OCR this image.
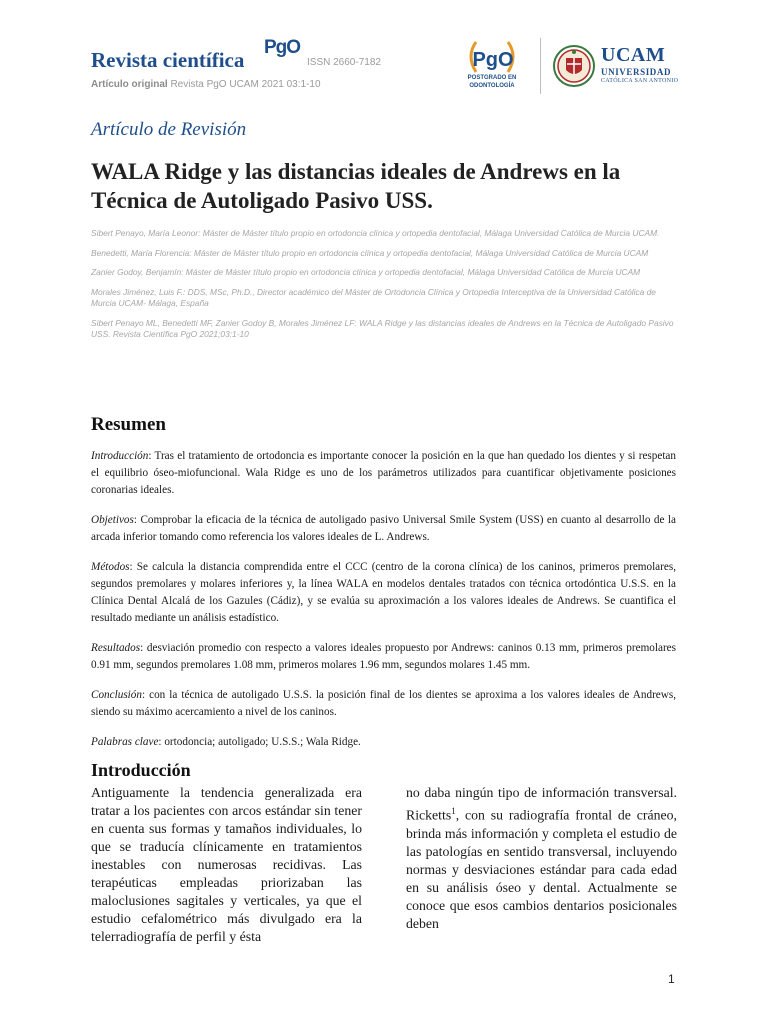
Revista científica
PgO
ISSN 2660-7182
Artículo original Revista PgO UCAM 2021 03:1-10
PgO
POSTGRADO EN
ODONTOLOGÍA
UCAM
UNIVERSIDAD
CATÓLICA SAN ANTONIO
Artículo de Revisión
WALA Ridge y las distancias ideales de Andrews en la Técnica de Autoligado Pasivo USS.

Sibert Penayo, María Leonor: Máster de Máster título propio en ortodoncia clínica y ortopedia dentofacial, Málaga Universidad Católica de Murcia UCAM.

Benedetti, María Florencia: Máster de Máster título propio en ortodoncia clínica y ortopedia dentofacial, Málaga Universidad Católica de Murcia UCAM

Zanier Godoy, Benjamín: Máster de Máster título propio en ortodoncia clínica y ortopedia dentofacial, Málaga Universidad Católica de Murcia UCAM

Morales Jiménez, Luis F.: DDS, MSc, Ph.D., Director académico del Máster de Ortodoncia Clínica y Ortopedia Interceptiva de la Universidad Católica de Murcia UCAM- Málaga, España

Sibert Penayo ML, Benedetti MF, Zanier Godoy B, Morales Jiménez LF: WALA Ridge y las distancias ideales de Andrews en la Técnica de Autoligado Pasivo USS. Revista Científica PgO 2021;03:1-10

Resumen

Introducción: Tras el tratamiento de ortodoncia es importante conocer la posición en la que han quedado los dientes y si respetan el equilibrio óseo-miofuncional. Wala Ridge es uno de los parámetros utilizados para cuantificar objetivamente posiciones coronarias ideales.

Objetivos: Comprobar la eficacia de la técnica de autoligado pasivo Universal Smile System (USS) en cuanto al desarrollo de la arcada inferior tomando como referencia los valores ideales de L. Andrews.

Métodos: Se calcula la distancia comprendida entre el CCC (centro de la corona clínica) de los caninos, primeros premolares, segundos premolares y molares inferiores y, la línea WALA en modelos dentales tratados con técnica ortodóntica U.S.S. en la Clínica Dental Alcalá de los Gazules (Cádiz), y se evalúa su aproximación a los valores ideales de Andrews. Se cuantifica el resultado mediante un análisis estadístico.

Resultados: desviación promedio con respecto a valores ideales propuesto por Andrews: caninos 0.13 mm, primeros premolares 0.91 mm, segundos premolares 1.08 mm, primeros molares 1.96 mm, segundos molares 1.45 mm.

Conclusión: con la técnica de autoligado U.S.S. la posición final de los dientes se aproxima a los valores ideales de Andrews, siendo su máximo acercamiento a nivel de los caninos.

Palabras clave: ortodoncia; autoligado; U.S.S.; Wala Ridge.

Introducción
Antiguamente la tendencia generalizada era tratar a los pacientes con arcos estándar sin tener en cuenta sus formas y tamaños individuales, lo que se traducía clínicamente en tratamientos inestables con numerosas recidivas. Las terapéuticas empleadas priorizaban las maloclusiones sagitales y verticales, ya que el estudio cefalométrico más divulgado era la telerradiografía de perfil y ésta
no daba ningún tipo de información transversal. Ricketts$^1$, con su radiografía frontal de cráneo, brinda más información y completa el estudio de las patologías en sentido transversal, incluyendo normas y desviaciones estándar para cada edad en su análisis óseo y dental. Actualmente se conoce que esos cambios dentarios posicionales deben
1
